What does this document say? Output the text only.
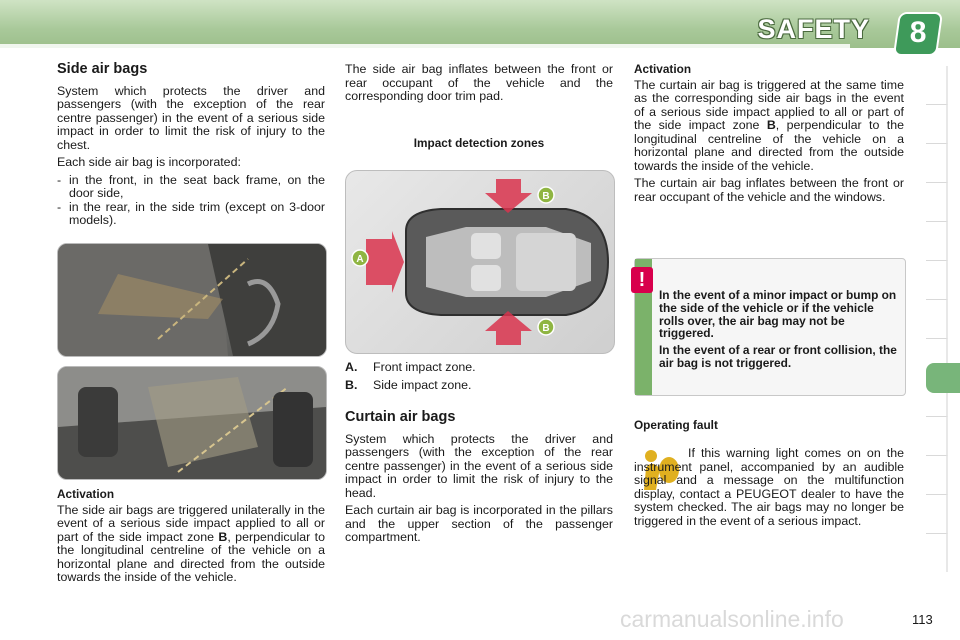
SAFETY	8
Side air bags

System which protects the driver and passengers (with the exception of the rear centre passenger) in the event of a serious side impact in order to limit the risk of injury to the chest.

Each side air bag is incorporated:

- in the front, in the seat back frame, on the door side,
- in the rear, in the side trim (except on 3-door models).
Activation

The side air bags are triggered unilaterally in the event of a serious side impact applied to all or part of the side impact zone B, perpendicular to the longitudinal centreline of the vehicle on a horizontal plane and directed from the outside towards the inside of the vehicle.

The side air bag inflates between the front or rear occupant of the vehicle and the corresponding door trim pad.

Impact detection zones
A
B
B
A.	Front impact zone.
B.	Side impact zone.
Curtain air bags

System which protects the driver and passengers (with the exception of the rear centre passenger) in the event of a serious side impact in order to limit the risk of injury to the head.

Each curtain air bag is incorporated in the pillars and the upper section of the passenger compartment.

Activation

The curtain air bag is triggered at the same time as the corresponding side air bags in the event of a serious side impact applied to all or part of the side impact zone B, perpendicular to the longitudinal centreline of the vehicle on a horizontal plane and directed from the outside towards the inside of the vehicle.

The curtain air bag inflates between the front or rear occupant of the vehicle and the windows.

!

In the event of a minor impact or bump on the side of the vehicle or if the vehicle rolls over, the air bag may not be triggered.

In the event of a rear or front collision, the air bag is not triggered.

Operating fault

If this warning light comes on on the instrument panel, accompanied by an audible signal and a message on the multifunction display, contact a PEUGEOT dealer to have the system checked. The air bags may no longer be triggered in the event of a serious impact.

carmanualsonline.info	113
